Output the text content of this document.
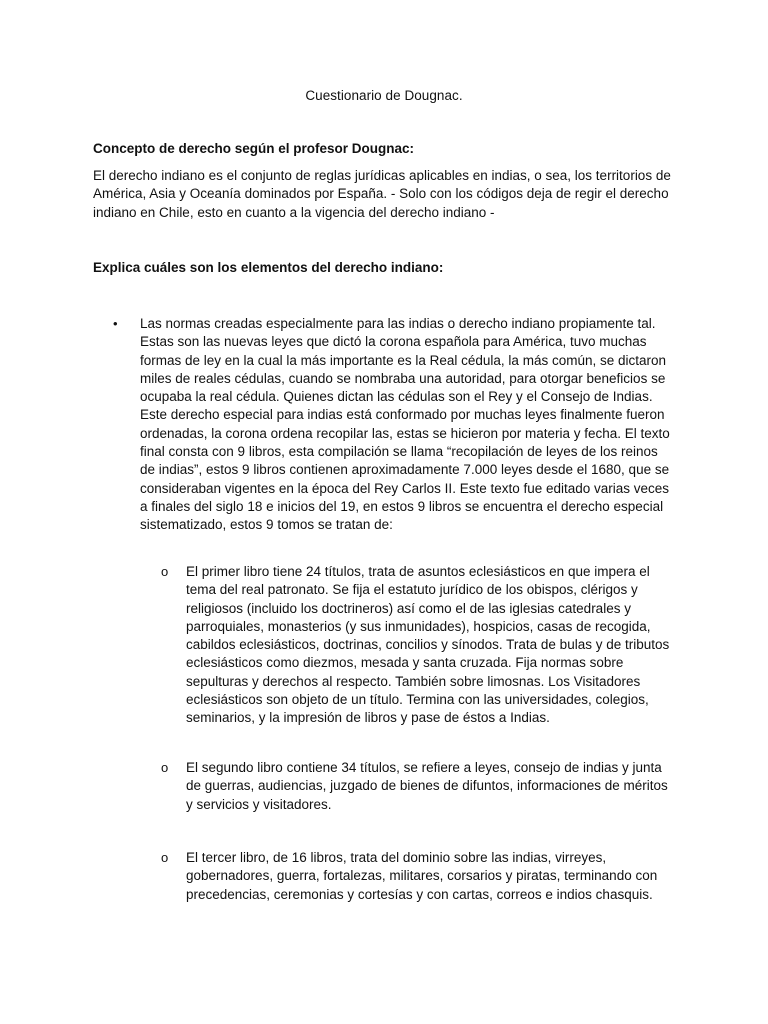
Cuestionario de Dougnac.
Concepto de derecho según el profesor Dougnac:
El derecho indiano es el conjunto de reglas jurídicas aplicables en indias, o sea, los territorios de América, Asia y Oceanía dominados por España. - Solo con los códigos deja de regir el derecho indiano en Chile, esto en cuanto a la vigencia del derecho indiano -
Explica cuáles son los elementos del derecho indiano:
•	Las normas creadas especialmente para las indias o derecho indiano propiamente tal. Estas son las nuevas leyes que dictó la corona española para América, tuvo muchas formas de ley en la cual la más importante es la Real cédula, la más común, se dictaron miles de reales cédulas, cuando se nombraba una autoridad, para otorgar beneficios se ocupaba la real cédula. Quienes dictan las cédulas son el Rey y el Consejo de Indias. Este derecho especial para indias está conformado por muchas leyes finalmente fueron ordenadas, la corona ordena recopilar las, estas se hicieron por materia y fecha. El texto final consta con 9 libros, esta compilación se llama “recopilación de leyes de los reinos de indias”, estos 9 libros contienen aproximadamente 7.000 leyes desde el 1680, que se consideraban vigentes en la época del Rey Carlos II. Este texto fue editado varias veces a finales del siglo 18 e inicios del 19, en estos 9 libros se encuentra el derecho especial sistematizado, estos 9 tomos se tratan de:
o El primer libro tiene 24 títulos, trata de asuntos eclesiásticos en que impera el tema del real patronato. Se fija el estatuto jurídico de los obispos, clérigos y religiosos (incluido los doctrineros) así como el de las iglesias catedrales y parroquiales, monasterios (y sus inmunidades), hospicios, casas de recogida, cabildos eclesiásticos, doctrinas, concilios y sínodos. Trata de bulas y de tributos eclesiásticos como diezmos, mesada y santa cruzada. Fija normas sobre sepulturas y derechos al respecto. También sobre limosnas. Los Visitadores eclesiásticos son objeto de un título. Termina con las universidades, colegios, seminarios, y la impresión de libros y pase de éstos a Indias.
o El segundo libro contiene 34 títulos, se refiere a leyes, consejo de indias y junta de guerras, audiencias, juzgado de bienes de difuntos, informaciones de méritos y servicios y visitadores.
o El tercer libro, de 16 libros, trata del dominio sobre las indias, virreyes, gobernadores, guerra, fortalezas, militares, corsarios y piratas, terminando con precedencias, ceremonias y cortesías y con cartas, correos e indios chasquis.
